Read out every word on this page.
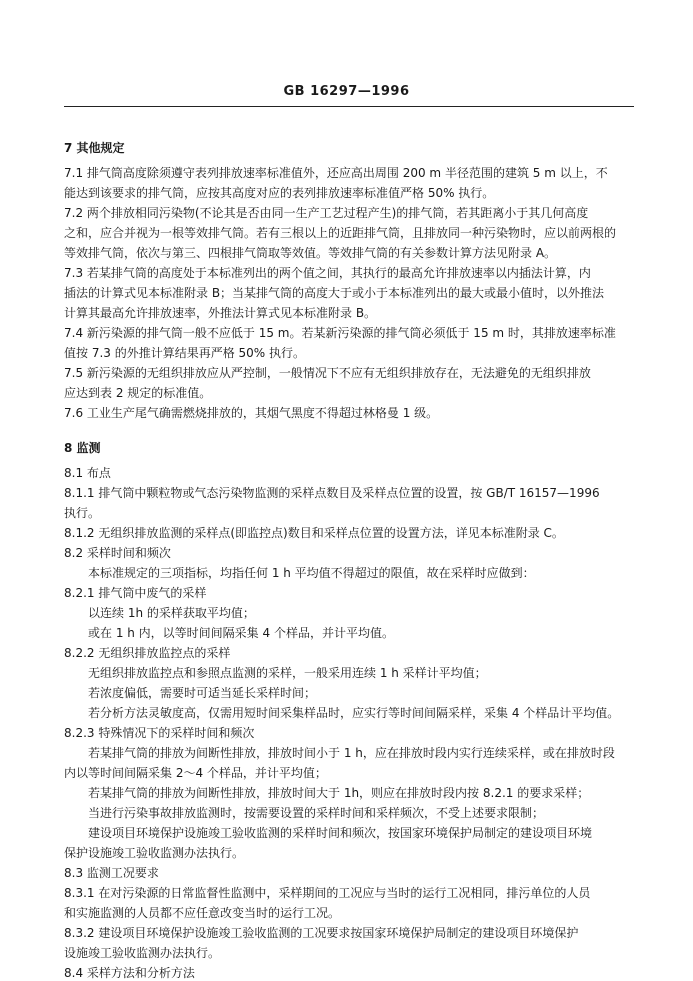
GB 16297—1996
7 其他规定
7.1 排气筒高度除须遵守表列排放速率标准值外，还应高出周围 200 m 半径范围的建筑 5 m 以上，不
能达到该要求的排气筒，应按其高度对应的表列排放速率标准值严格 50% 执行。
7.2 两个排放相同污染物(不论其是否由同一生产工艺过程产生)的排气筒，若其距离小于其几何高度
之和，应合并视为一根等效排气筒。若有三根以上的近距排气筒，且排放同一种污染物时，应以前两根的
等效排气筒，依次与第三、四根排气筒取等效值。等效排气筒的有关参数计算方法见附录 A。
7.3 若某排气筒的高度处于本标准列出的两个值之间，其执行的最高允许排放速率以内插法计算，内
插法的计算式见本标准附录 B；当某排气筒的高度大于或小于本标准列出的最大或最小值时，以外推法
计算其最高允许排放速率，外推法计算式见本标准附录 B。
7.4 新污染源的排气筒一般不应低于 15 m。若某新污染源的排气筒必须低于 15 m 时，其排放速率标准
值按 7.3 的外推计算结果再严格 50% 执行。
7.5 新污染源的无组织排放应从严控制，一般情况下不应有无组织排放存在，无法避免的无组织排放
应达到表 2 规定的标准值。
7.6 工业生产尾气确需燃烧排放的，其烟气黑度不得超过林格曼 1 级。
8 监测
8.1 布点
8.1.1 排气筒中颗粒物或气态污染物监测的采样点数目及采样点位置的设置，按 GB/T 16157—1996
执行。
8.1.2 无组织排放监测的采样点(即监控点)数目和采样点位置的设置方法，详见本标准附录 C。
8.2 采样时间和频次
本标准规定的三项指标，均指任何 1 h 平均值不得超过的限值，故在采样时应做到：
8.2.1 排气筒中废气的采样
以连续 1h 的采样获取平均值；
或在 1 h 内，以等时间间隔采集 4 个样品，并计平均值。
8.2.2 无组织排放监控点的采样
无组织排放监控点和参照点监测的采样，一般采用连续 1 h 采样计平均值；
若浓度偏低，需要时可适当延长采样时间；
若分析方法灵敏度高，仅需用短时间采集样品时，应实行等时间间隔采样，采集 4 个样品计平均值。
8.2.3 特殊情况下的采样时间和频次
若某排气筒的排放为间断性排放，排放时间小于 1 h，应在排放时段内实行连续采样，或在排放时段
内以等时间间隔采集 2～4 个样品，并计平均值；
若某排气筒的排放为间断性排放，排放时间大于 1h，则应在排放时段内按 8.2.1 的要求采样；
当进行污染事故排放监测时，按需要设置的采样时间和采样频次，不受上述要求限制；
建设项目环境保护设施竣工验收监测的采样时间和频次，按国家环境保护局制定的建设项目环境
保护设施竣工验收监测办法执行。
8.3 监测工况要求
8.3.1 在对污染源的日常监督性监测中，采样期间的工况应与当时的运行工况相同，排污单位的人员
和实施监测的人员都不应任意改变当时的运行工况。
8.3.2 建设项目环境保护设施竣工验收监测的工况要求按国家环境保护局制定的建设项目环境保护
设施竣工验收监测办法执行。
8.4 采样方法和分析方法
